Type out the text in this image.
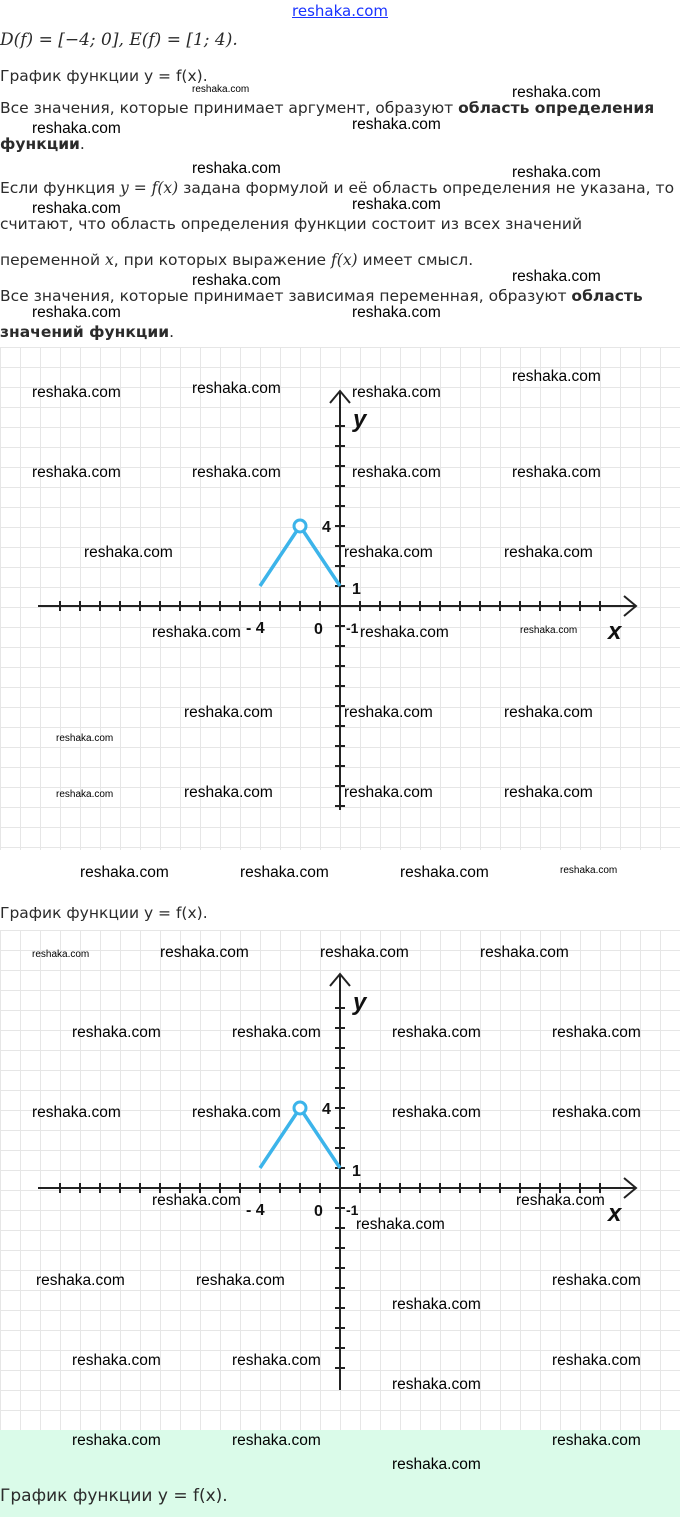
reshaka.com
D(f) = [−4; 0], E(f) = [1; 4).
График функции y = f(x).

Все значения, которые принимает аргумент, образуют область определения функции.

Если функция y = f(x) задана формулой и её область определения не указана, то считают, что область определения функции состоит из всех значений переменной x, при которых выражение f(x) имеет смысл.

Все значения, которые принимает зависимая переменная, образуют область значений функции.

x
y
- 4	0 -1
4
1
График функции y = f(x).
x
y
- 4	0 -1
4
1
График функции y = f(x).
reshaka.com	reshaka.com
reshaka.com	reshaka.com
reshaka.com	reshaka.com
reshaka.com	reshaka.com
reshaka.com	reshaka.com
reshaka.com	reshaka.com
reshaka.com	reshaka.com	reshaka.com
reshaka.com
reshaka.com	reshaka.com	reshaka.com	reshaka.com
reshaka.com	reshaka.com	reshaka.com
reshaka.com	reshaka.com	reshaka.com
reshaka.com	reshaka.com	reshaka.com
reshaka.com
reshaka.com	reshaka.com	reshaka.com	reshaka.com
reshaka.com	reshaka.com	reshaka.com	reshaka.com
reshaka.com	reshaka.com	reshaka.com	reshaka.com
reshaka.com	reshaka.com	reshaka.com	reshaka.com
reshaka.com	reshaka.com	reshaka.com	reshaka.com
reshaka.com	reshaka.com
reshaka.com
reshaka.com	reshaka.com	reshaka.com
reshaka.com
reshaka.com	reshaka.com	reshaka.com
reshaka.com
reshaka.com	reshaka.com	reshaka.com
reshaka.com
